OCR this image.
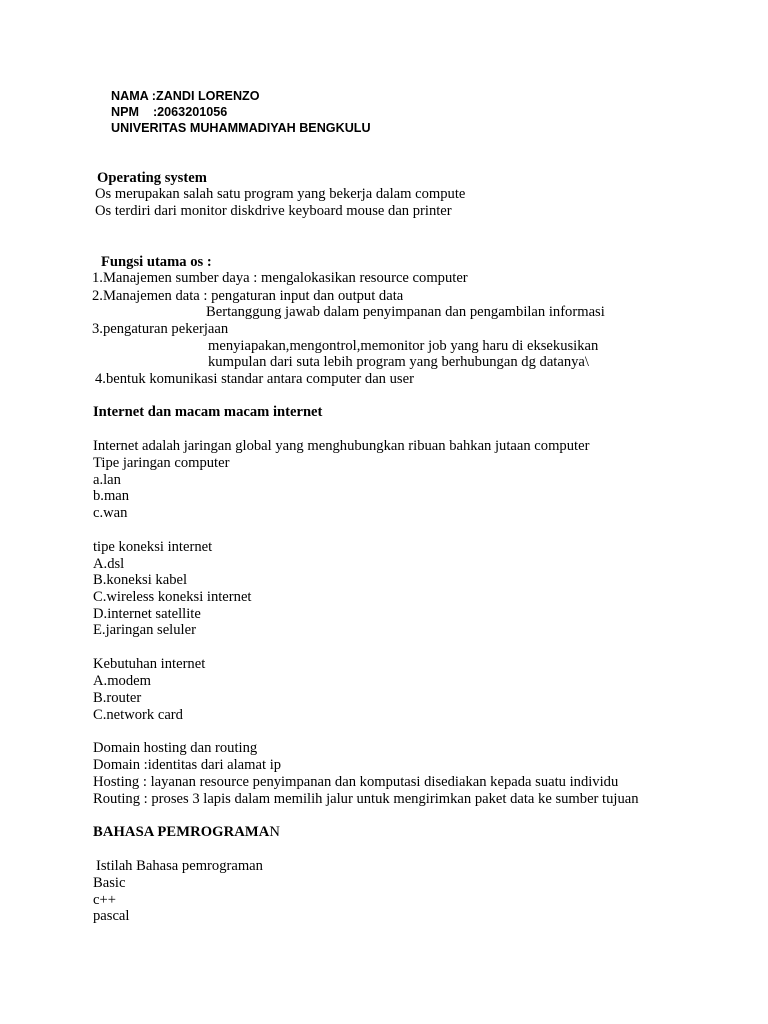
NAMA :ZANDI LORENZO
NPM    :2063201056
UNIVERITAS MUHAMMADIYAH BENGKULU
Operating system
Os merupakan salah satu program yang bekerja dalam compute
Os terdiri dari monitor diskdrive keyboard mouse dan printer
Fungsi utama os :
1.Manajemen sumber daya : mengalokasikan resource computer
2.Manajemen data : pengaturan input dan output data
Bertanggung jawab dalam penyimpanan dan pengambilan informasi
3.pengaturan pekerjaan
menyiapakan,mengontrol,memonitor job yang haru di eksekusikan
kumpulan dari suta lebih program yang berhubungan dg datanya\
4.bentuk komunikasi standar antara computer dan user
Internet dan macam macam internet
Internet adalah jaringan global yang menghubungkan ribuan bahkan jutaan computer
Tipe jaringan computer
a.lan
b.man
c.wan
tipe koneksi internet
A.dsl
B.koneksi kabel
C.wireless koneksi internet
D.internet satellite
E.jaringan seluler
Kebutuhan internet
A.modem
B.router
C.network card
Domain hosting dan routing
Domain :identitas dari alamat ip
Hosting : layanan resource penyimpanan dan komputasi disediakan kepada suatu individu
Routing : proses 3 lapis dalam memilih jalur untuk mengirimkan paket data ke sumber tujuan
BAHASA PEMROGRAMAN
Istilah Bahasa pemrograman
Basic
c++
pascal
